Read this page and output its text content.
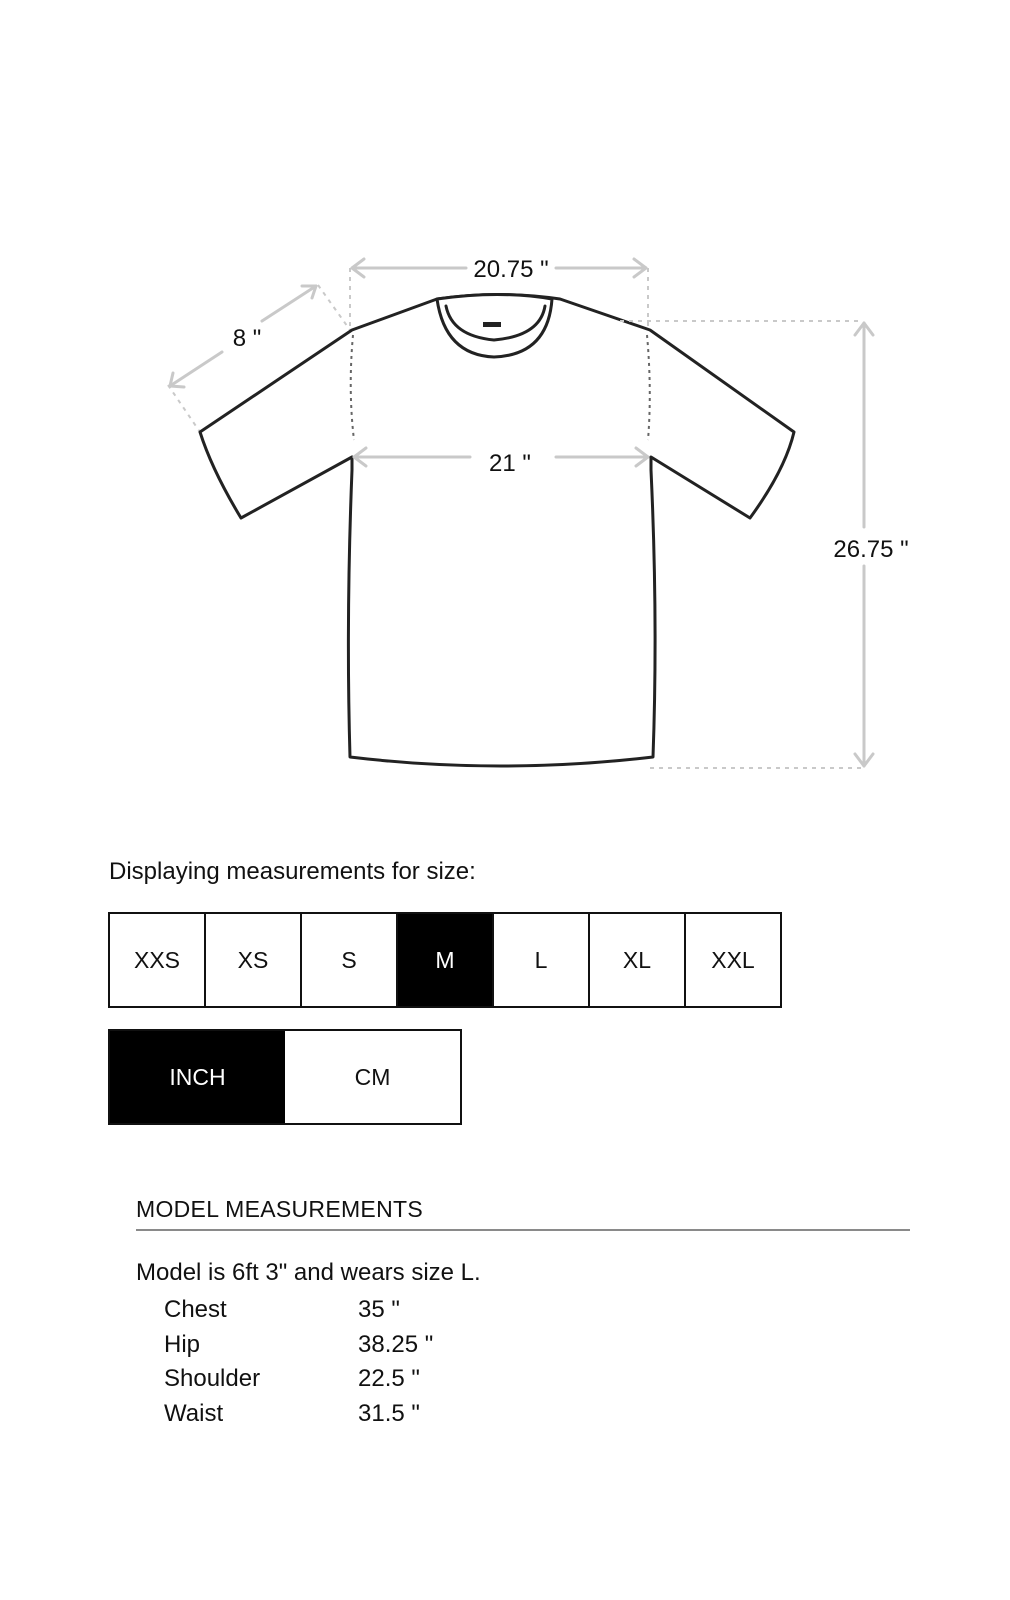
20.75 "
8 "
21 "
26.75 "
Displaying measurements for size:
XXS	XS	S	M	L	XL	XXL
INCH	CM
MODEL MEASUREMENTS
Model is 6ft 3" and wears size L.
Chest	35 "
Hip	38.25 "
Shoulder	22.5 "
Waist	31.5 "
